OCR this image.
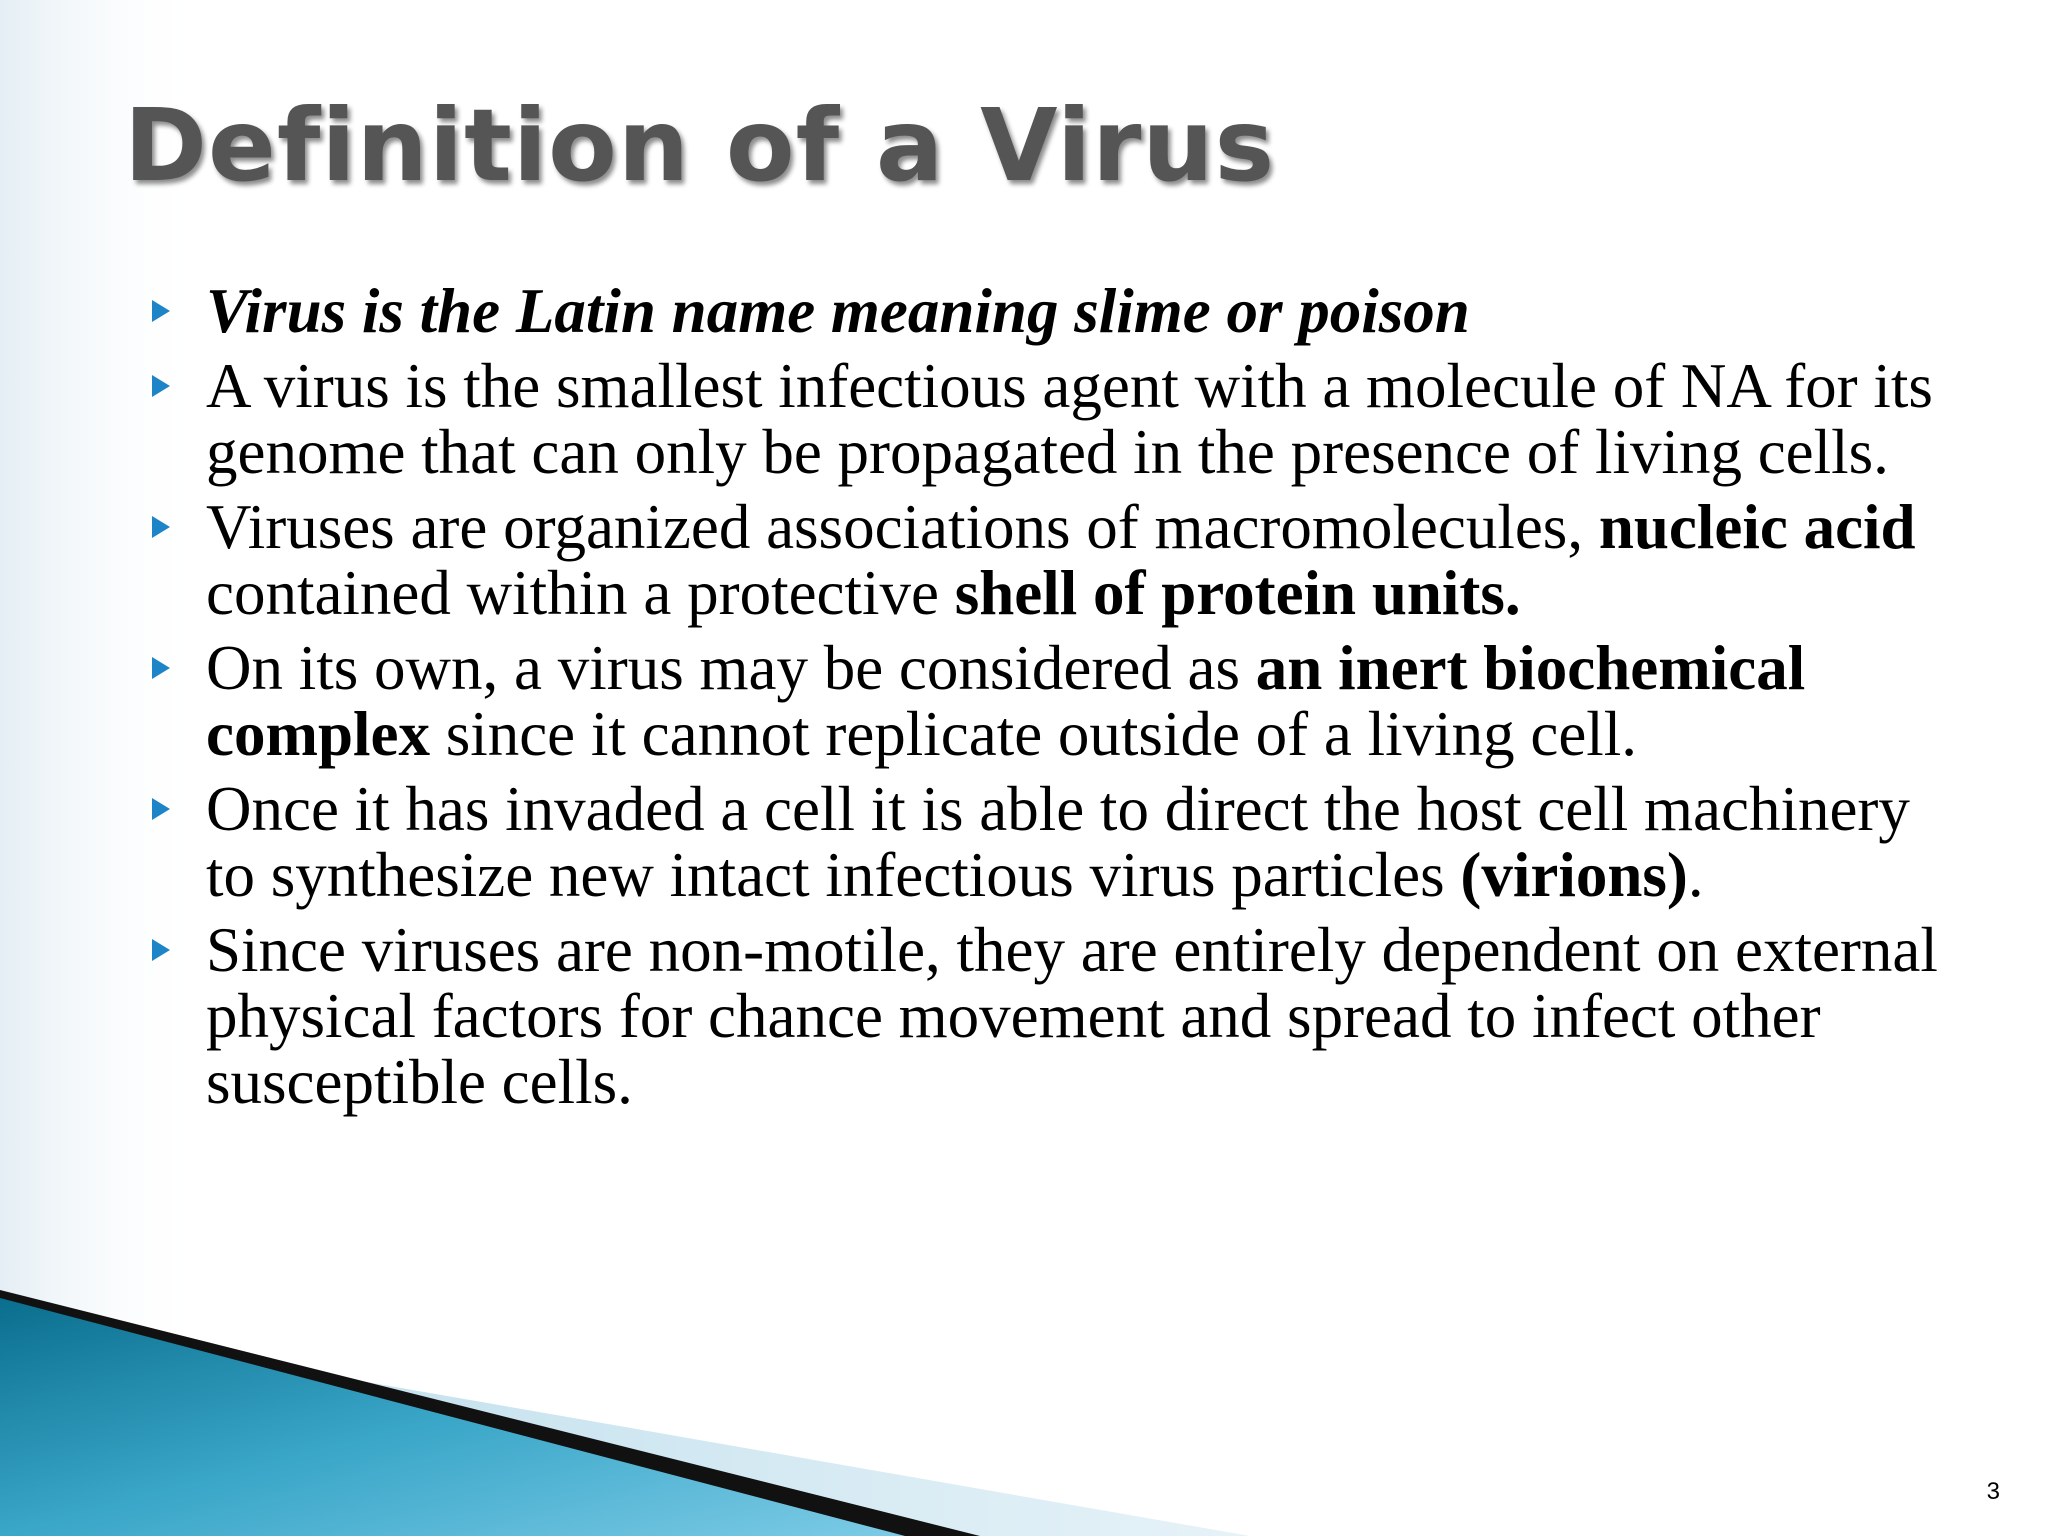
Definition of a Virus
Virus is the Latin name meaning slime or poison
A virus is the smallest infectious agent with a molecule of NA for its genome that can only be propagated in the presence of living cells.
Viruses are organized associations of macromolecules, nucleic acid contained within a protective shell of protein units.
On its own, a virus may be considered as an inert biochemical complex since it cannot replicate outside of a living cell.
Once it has invaded a cell it is able to direct the host cell machinery to synthesize new intact infectious virus particles (virions).
Since viruses are non-motile, they are entirely dependent on external physical factors for chance movement and spread to infect other susceptible cells.
3
